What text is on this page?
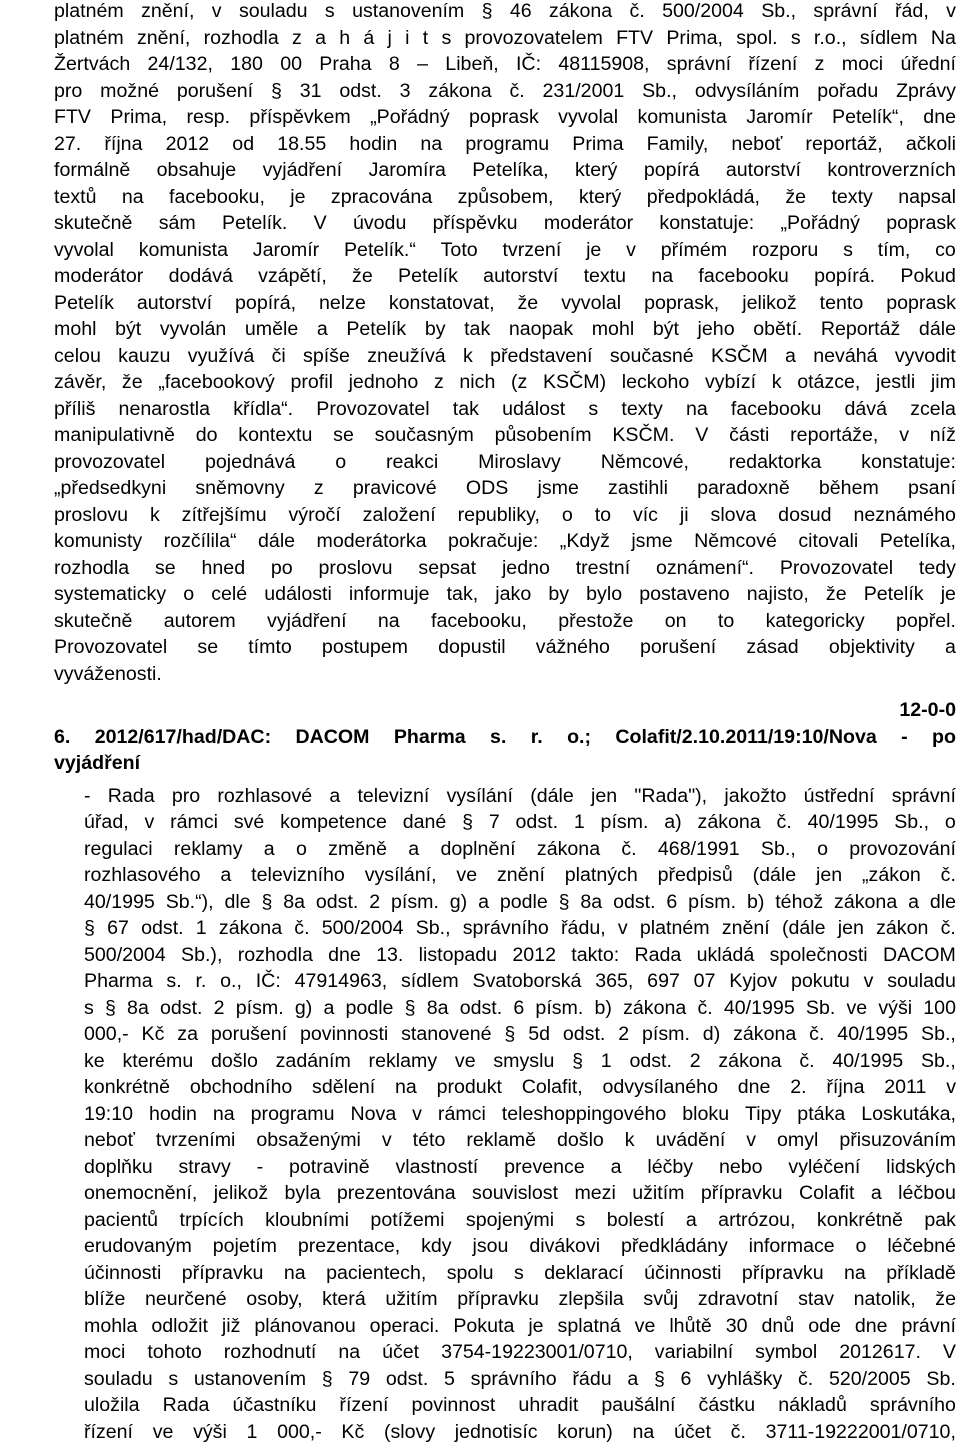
platném znění, v souladu s ustanovením § 46 zákona č. 500/2004 Sb., správní řád, v
platném znění, rozhodla z a h á j i t s provozovatelem FTV Prima, spol. s r.o., sídlem Na
Žertvách 24/132, 180 00 Praha 8 – Libeň, IČ: 48115908, správní řízení z moci úřední
pro možné porušení § 31 odst. 3 zákona č. 231/2001 Sb., odvysíláním pořadu Zprávy
FTV Prima, resp. příspěvkem „Pořádný poprask vyvolal komunista Jaromír Petelík“, dne
27. října 2012 od 18.55 hodin na programu Prima Family, neboť reportáž, ačkoli
formálně obsahuje vyjádření Jaromíra Petelíka, který popírá autorství kontroverzních
textů na facebooku, je zpracována způsobem, který předpokládá, že texty napsal
skutečně sám Petelík. V úvodu příspěvku moderátor konstatuje: „Pořádný poprask
vyvolal komunista Jaromír Petelík.“ Toto tvrzení je v přímém rozporu s tím, co
moderátor dodává vzápětí, že Petelík autorství textu na facebooku popírá. Pokud
Petelík autorství popírá, nelze konstatovat, že vyvolal poprask, jelikož tento poprask
mohl být vyvolán uměle a Petelík by tak naopak mohl být jeho obětí. Reportáž dále
celou kauzu využívá či spíše zneužívá k představení současné KSČM a neváhá vyvodit
závěr, že „facebookový profil jednoho z nich (z KSČM) leckoho vybízí k otázce, jestli jim
příliš nenarostla křídla“. Provozovatel tak událost s texty na facebooku dává zcela
manipulativně do kontextu se současným působením KSČM. V části reportáže, v níž
provozovatel pojednává o reakci Miroslavy Němcové, redaktorka konstatuje:
„předsedkyni sněmovny z pravicové ODS jsme zastihli paradoxně během psaní
proslovu k zítřejšímu výročí založení republiky, o to víc ji slova dosud neznámého
komunisty rozčílila“ dále moderátorka pokračuje: „Když jsme Němcové citovali Petelíka,
rozhodla se hned po proslovu sepsat jedno trestní oznámení“. Provozovatel tedy
systematicky o celé události informuje tak, jako by bylo postaveno najisto, že Petelík je
skutečně autorem vyjádření na facebooku, přestože on to kategoricky popřel.
Provozovatel se tímto postupem dopustil vážného porušení zásad objektivity a
vyváženosti.
12-0-0
6. 2012/617/had/DAC: DACOM Pharma s. r. o.; Colafit/2.10.2011/19:10/Nova - po
vyjádření
- Rada pro rozhlasové a televizní vysílání (dále jen "Rada"), jakožto ústřední správní
úřad, v rámci své kompetence dané § 7 odst. 1 písm. a) zákona č. 40/1995 Sb., o
regulaci reklamy a o změně a doplnění zákona č. 468/1991 Sb., o provozování
rozhlasového a televizního vysílání, ve znění platných předpisů (dále jen „zákon č.
40/1995 Sb.“), dle § 8a odst. 2 písm. g) a podle § 8a odst. 6 písm. b) téhož zákona a dle
§ 67 odst. 1 zákona č. 500/2004 Sb., správního řádu, v platném znění (dále jen zákon č.
500/2004 Sb.), rozhodla dne 13. listopadu 2012 takto: Rada ukládá společnosti DACOM
Pharma s. r. o., IČ: 47914963, sídlem Svatoborská 365, 697 07 Kyjov pokutu v souladu
s § 8a odst. 2 písm. g) a podle § 8a odst. 6 písm. b) zákona č. 40/1995 Sb. ve výši 100
000,- Kč za porušení povinnosti stanovené § 5d odst. 2 písm. d) zákona č. 40/1995 Sb.,
ke kterému došlo zadáním reklamy ve smyslu § 1 odst. 2 zákona č. 40/1995 Sb.,
konkrétně obchodního sdělení na produkt Colafit, odvysílaného dne 2. října 2011 v
19:10 hodin na programu Nova v rámci teleshoppingového bloku Tipy ptáka Loskutáka,
neboť tvrzeními obsaženými v této reklamě došlo k uvádění v omyl přisuzováním
doplňku stravy - potravině vlastností prevence a léčby nebo vyléčení lidských
onemocnění, jelikož byla prezentována souvislost mezi užitím přípravku Colafit a léčbou
pacientů trpících kloubními potížemi spojenými s bolestí a artrózou, konkrétně pak
erudovaným pojetím prezentace, kdy jsou divákovi předkládány informace o léčebné
účinnosti přípravku na pacientech, spolu s deklarací účinnosti přípravku na příkladě
blíže neurčené osoby, která užitím přípravku zlepšila svůj zdravotní stav natolik, že
mohla odložit již plánovanou operaci. Pokuta je splatná ve lhůtě 30 dnů ode dne právní
moci tohoto rozhodnutí na účet 3754-19223001/0710, variabilní symbol 2012617. V
souladu s ustanovením § 79 odst. 5 správního řádu a § 6 vyhlášky č. 520/2005 Sb.
uložila Rada účastníku řízení povinnost uhradit paušální částku nákladů správního
řízení ve výši 1 000,- Kč (slovy jednotisíc korun) na účet č. 3711-19222001/0710,
